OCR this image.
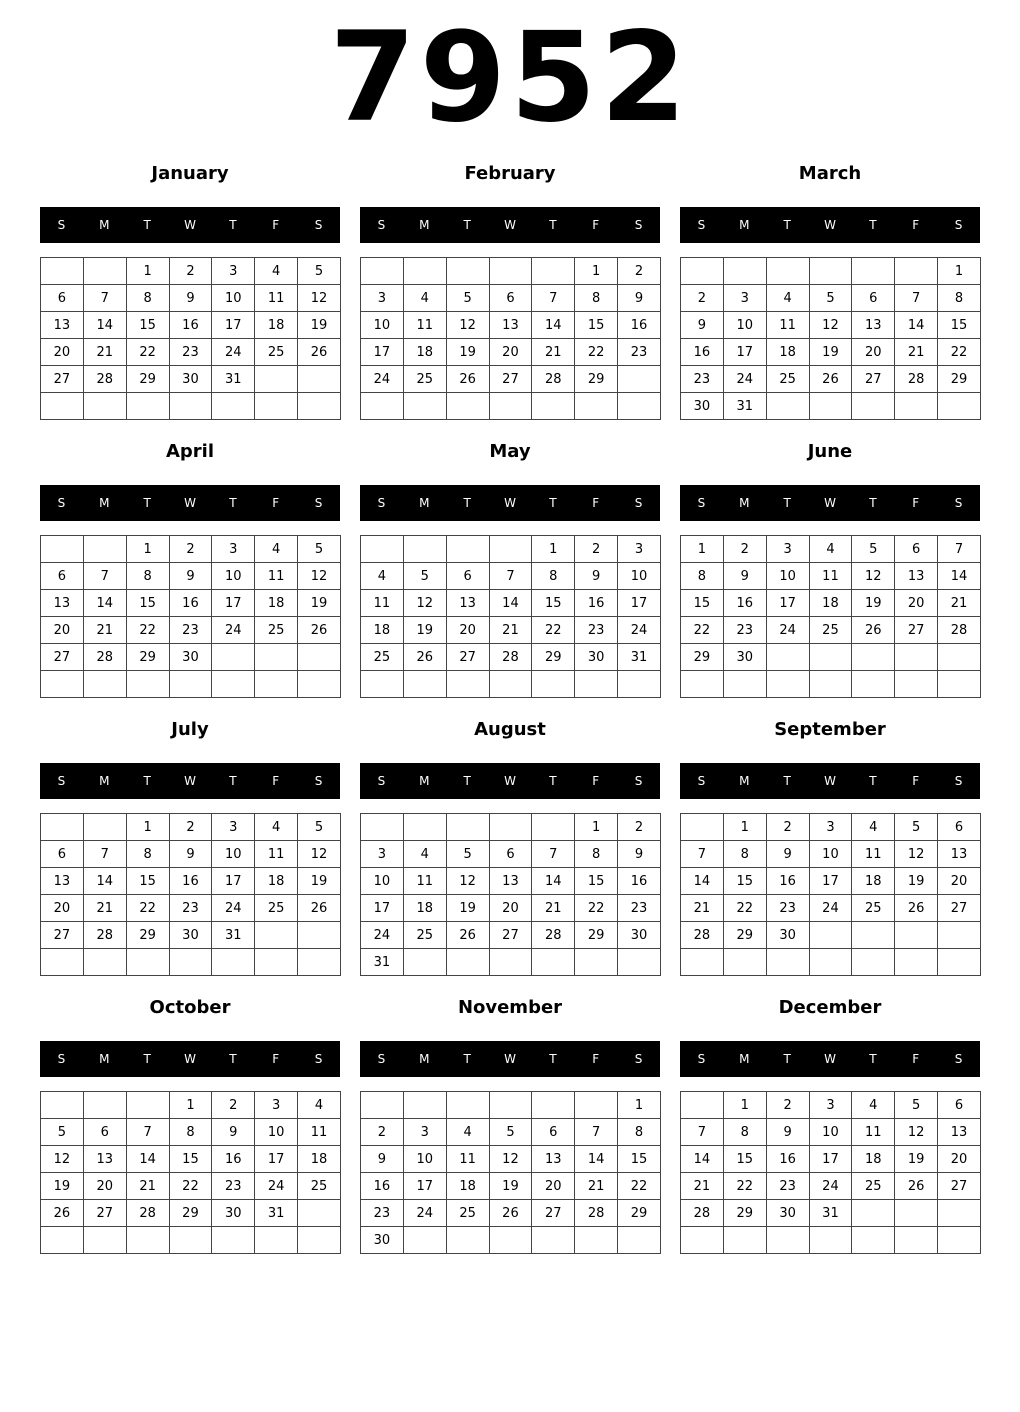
7952
January
S	M	T	W	T	F	S
		1	2	3	4	5
6	7	8	9	10	11	12
13	14	15	16	17	18	19
20	21	22	23	24	25	26
27	28	29	30	31		

February
S	M	T	W	T	F	S
					1	2
3	4	5	6	7	8	9
10	11	12	13	14	15	16
17	18	19	20	21	22	23
24	25	26	27	28	29	

March
S	M	T	W	T	F	S
						1
2	3	4	5	6	7	8
9	10	11	12	13	14	15
16	17	18	19	20	21	22
23	24	25	26	27	28	29
30	31					
April
S	M	T	W	T	F	S
		1	2	3	4	5
6	7	8	9	10	11	12
13	14	15	16	17	18	19
20	21	22	23	24	25	26
27	28	29	30			

May
S	M	T	W	T	F	S
				1	2	3
4	5	6	7	8	9	10
11	12	13	14	15	16	17
18	19	20	21	22	23	24
25	26	27	28	29	30	31

June
S	M	T	W	T	F	S
1	2	3	4	5	6	7
8	9	10	11	12	13	14
15	16	17	18	19	20	21
22	23	24	25	26	27	28
29	30					

July
S	M	T	W	T	F	S
		1	2	3	4	5
6	7	8	9	10	11	12
13	14	15	16	17	18	19
20	21	22	23	24	25	26
27	28	29	30	31		

August
S	M	T	W	T	F	S
					1	2
3	4	5	6	7	8	9
10	11	12	13	14	15	16
17	18	19	20	21	22	23
24	25	26	27	28	29	30
31						
September
S	M	T	W	T	F	S
	1	2	3	4	5	6
7	8	9	10	11	12	13
14	15	16	17	18	19	20
21	22	23	24	25	26	27
28	29	30				

October
S	M	T	W	T	F	S
			1	2	3	4
5	6	7	8	9	10	11
12	13	14	15	16	17	18
19	20	21	22	23	24	25
26	27	28	29	30	31	

November
S	M	T	W	T	F	S
						1
2	3	4	5	6	7	8
9	10	11	12	13	14	15
16	17	18	19	20	21	22
23	24	25	26	27	28	29
30						
December
S	M	T	W	T	F	S
	1	2	3	4	5	6
7	8	9	10	11	12	13
14	15	16	17	18	19	20
21	22	23	24	25	26	27
28	29	30	31			
